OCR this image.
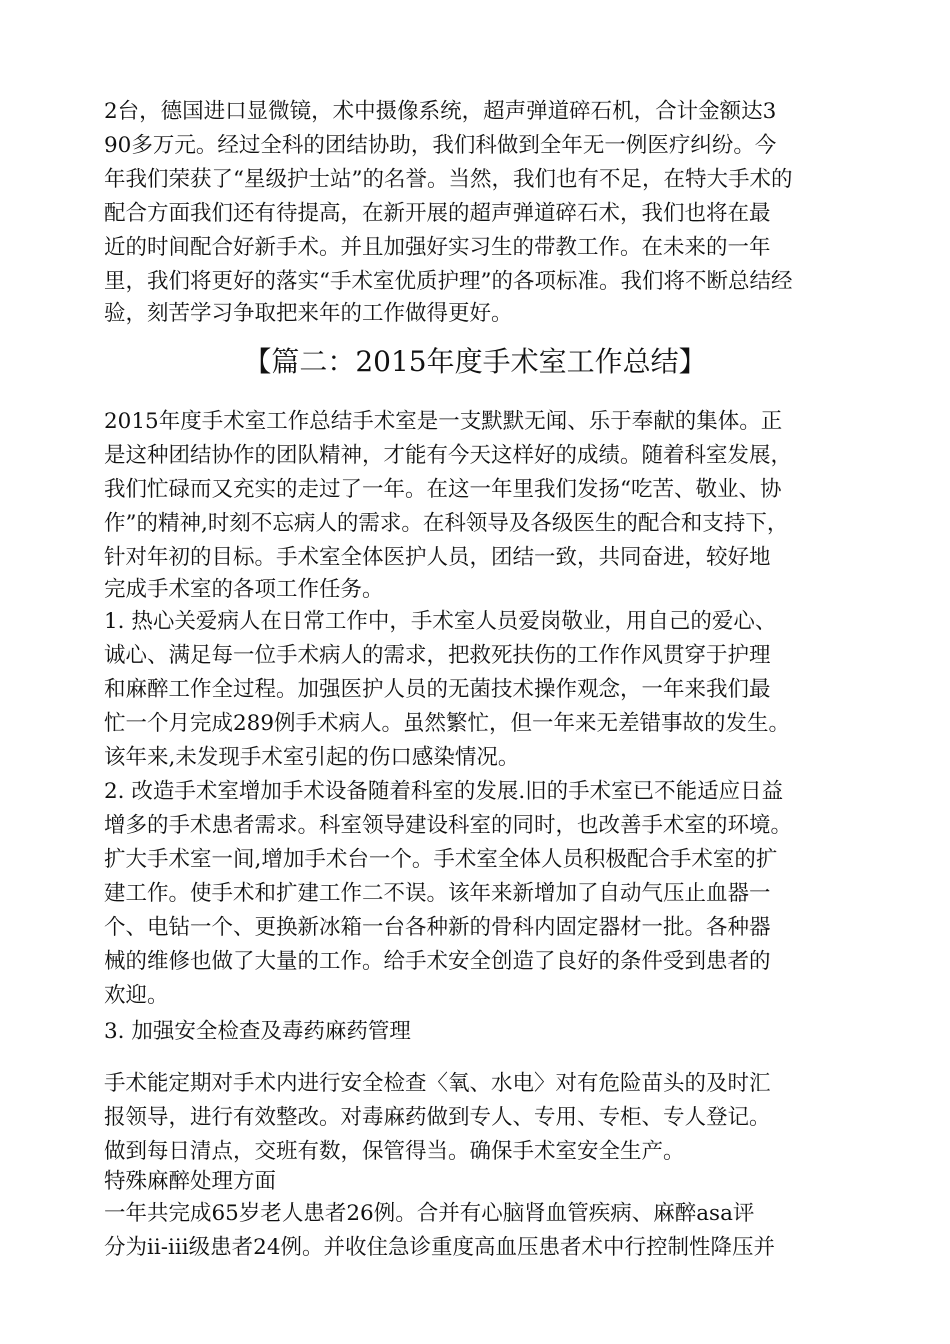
2台，德国进口显微镜，术中摄像系统，超声弹道碎石机，合计金额达3

90多万元。经过全科的团结协助，我们科做到全年无一例医疗纠纷。今

年我们荣获了“星级护士站”的名誉。当然，我们也有不足，在特大手术的

配合方面我们还有待提高，在新开展的超声弹道碎石术，我们也将在最

近的时间配合好新手术。并且加强好实习生的带教工作。在未来的一年

里，我们将更好的落实“手术室优质护理”的各项标准。我们将不断总结经

验，刻苦学习争取把来年的工作做得更好。

【篇二：2015年度手术室工作总结】

2015年度手术室工作总结手术室是一支默默无闻、乐于奉献的集体。正

是这种团结协作的团队精神，才能有今天这样好的成绩。随着科室发展，

我们忙碌而又充实的走过了一年。在这一年里我们发扬“吃苦、敬业、协

作”的精神,时刻不忘病人的需求。在科领导及各级医生的配合和支持下，

针对年初的目标。手术室全体医护人员，团结一致，共同奋进，较好地

完成手术室的各项工作任务。

1. 热心关爱病人在日常工作中，手术室人员爱岗敬业，用自己的爱心、

诚心、满足每一位手术病人的需求，把救死扶伤的工作作风贯穿于护理

和麻醉工作全过程。加强医护人员的无菌技术操作观念，一年来我们最

忙一个月完成289例手术病人。虽然繁忙，但一年来无差错事故的发生。

该年来,未发现手术室引起的伤口感染情况。

2. 改造手术室增加手术设备随着科室的发展.旧的手术室已不能适应日益

增多的手术患者需求。科室领导建设科室的同时，也改善手术室的环境。

扩大手术室一间,增加手术台一个。手术室全体人员积极配合手术室的扩

建工作。使手术和扩建工作二不误。该年来新增加了自动气压止血器一

个、电钻一个、更换新冰箱一台各种新的骨科内固定器材一批。各种器

械的维修也做了大量的工作。给手术安全创造了良好的条件受到患者的

欢迎。

3. 加强安全检查及毒药麻药管理

手术能定期对手术内进行安全检查〈氧、水电〉对有危险苗头的及时汇

报领导，进行有效整改。对毒麻药做到专人、专用、专柜、专人登记。

做到每日清点，交班有数，保管得当。确保手术室安全生产。

特殊麻醉处理方面

一年共完成65岁老人患者26例。合并有心脑肾血管疾病、麻醉asa评

分为ii-iii级患者24例。并收住急诊重度高血压患者术中行控制性降压并
